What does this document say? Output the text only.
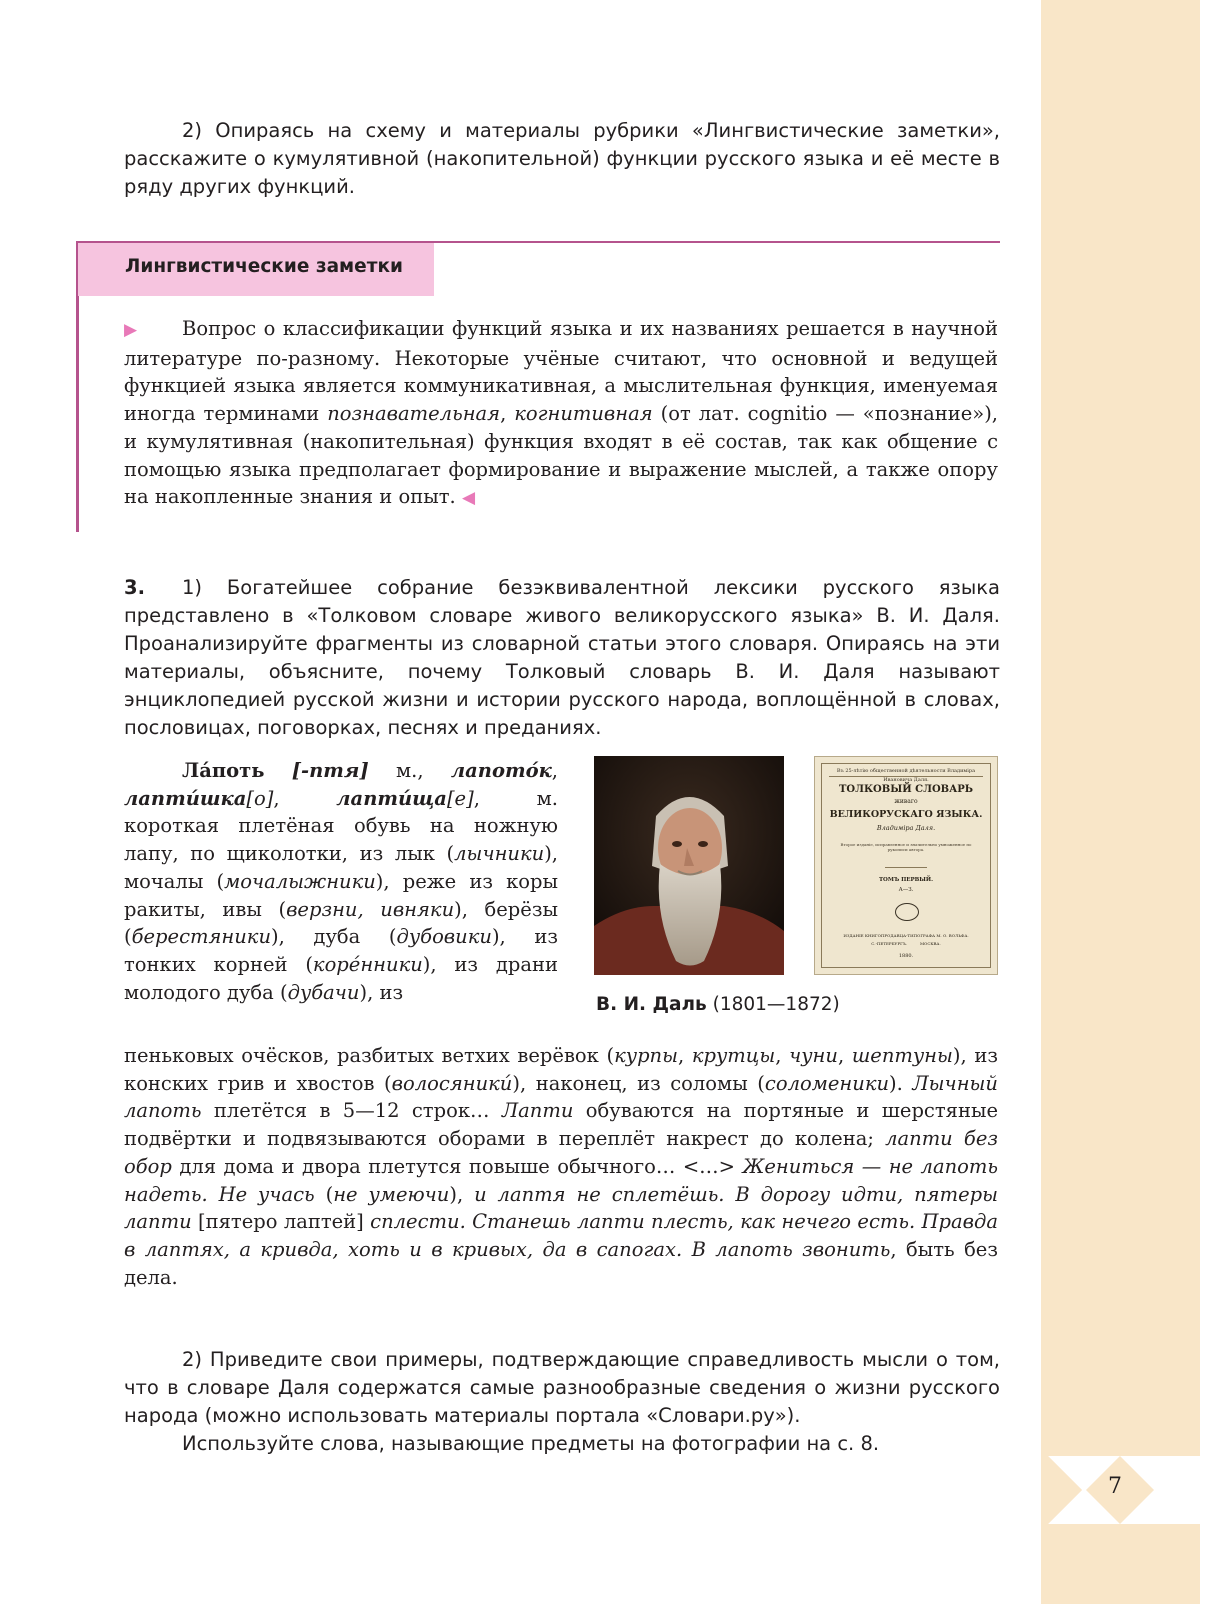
7
2) Опираясь на схему и материалы рубрики «Лингвистические заметки», расскажите о кумулятивной (накопительной) функции русского языка и её месте в ряду других функций.
Лингвистические заметки
▶ Вопрос о классификации функций языка и их названиях решается в научной литературе по-разному. Некоторые учёные считают, что основной и ведущей функцией языка является коммуникативная, а мыслительная функция, именуемая иногда терминами познавательная, когнитивная (от лат. cognitio — «познание»), и кумулятивная (накопительная) функция входят в её состав, так как общение с помощью языка предполагает формирование и выражение мыслей, а также опору на накопленные знания и опыт. ◀
3. 1) Богатейшее собрание безэквивалентной лексики русского языка представлено в «Толковом словаре живого великорусского языка» В. И. Даля. Проанализируйте фрагменты из словарной статьи этого словаря. Опираясь на эти материалы, объясните, почему Толковый словарь В. И. Даля называют энциклопедией русской жизни и истории русского народа, воплощённой в словах, пословицах, поговорках, песнях и преданиях.
Ла́поть [-птя] м., лапото́к, лапти́шка[о], лапти́ща[е], м. короткая плетёная обувь на ножную лапу, по щиколотки, из лык (лычники), мочалы (мочалыжники), реже из коры ракиты, ивы (верзни, ивняки), берёзы (берестяники), дуба (дубовики), из тонких корней (коре́нники), из драни молодого дуба (дубачи), из
пеньковых очёсков, разбитых ветхих верёвок (курпы, крутцы, чуни, шептуны), из конских грив и хвостов (волосяники́), наконец, из соломы (соломеники). Лычный лапоть плетётся в 5—12 строк… Лапти обуваются на портяные и шерстяные подвёртки и подвязываются оборами в переплёт накрест до колена; лапти без обор для дома и двора плетутся повыше обычного… <…> Жениться — не лапоть надеть. Не учась (не умеючи), и лаптя не сплетёшь. В дорогу идти, пятеры лапти [пятеро лаптей] сплести. Станешь лапти плесть, как нечего есть. Правда в лаптях, а кривда, хоть и в кривых, да в сапогах. В лапоть звонить, быть без дела.
Въ 25-лѣтію общественной дѣятельности Владиміра Ивановича Даля.
ТОЛКОВЫЙ СЛОВАРЬ
живаго
ВЕЛИКОРУСКАГО ЯЗЫКА.
Владиміра Даля.
Второе изданіе, исправленное и значительно умноженное по рукописи автора.
ТОМЪ ПЕРВЫЙ.
А—З.
ИЗДАНІЕ КНИГОПРОДАВЦА-ТИПОГРАФА М. О. ВОЛЬФА.
С.-ПЕТЕРБУРГЪ.          МОСКВА.
1880.
В. И. Даль (1801—1872)
2) Приведите свои примеры, подтверждающие справедливость мысли о том, что в словаре Даля содержатся самые разнообразные сведения о жизни русского народа (можно использовать материалы портала «Словари.ру»).
Используйте слова, называющие предметы на фотографии на с. 8.
